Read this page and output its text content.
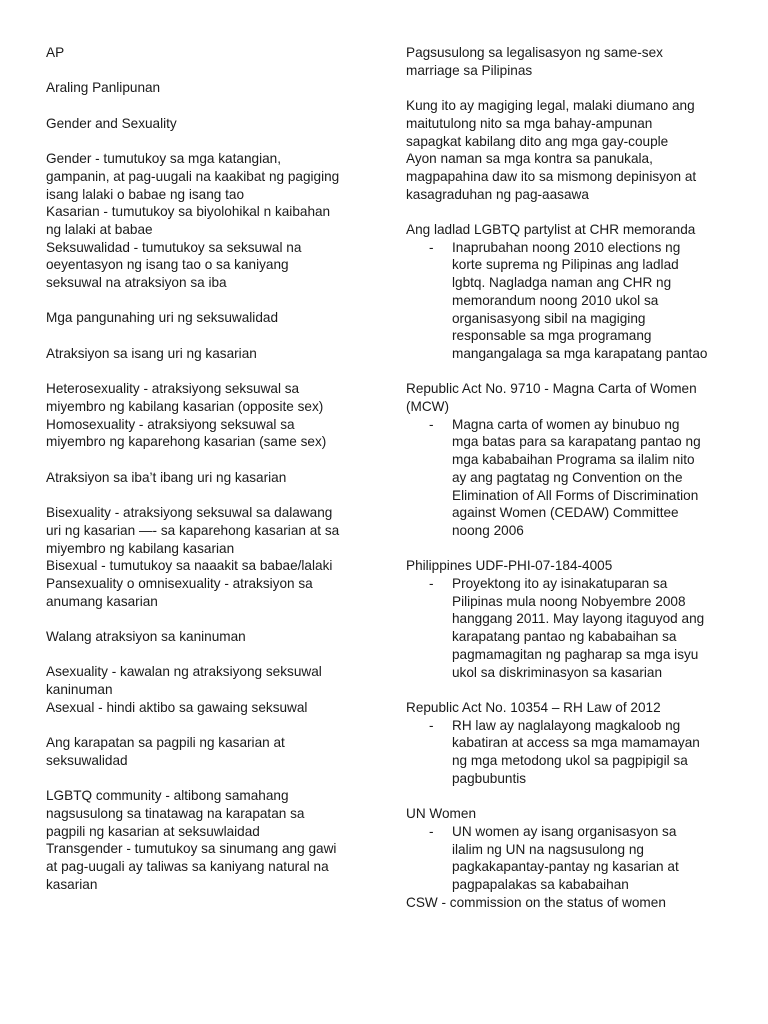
AP
Araling Panlipunan
Gender and Sexuality
Gender - tumutukoy sa mga katangian,
gampanin, at pag-uugali na kaakibat ng pagiging
isang lalaki o babae ng isang tao
Kasarian - tumutukoy sa biyolohikal n kaibahan
ng lalaki at babae
Seksuwalidad - tumutukoy sa seksuwal na
oeyentasyon ng isang tao o sa kaniyang
seksuwal na atraksiyon sa iba
Mga pangunahing uri ng seksuwalidad
Atraksiyon sa isang uri ng kasarian
Heterosexuality - atraksiyong seksuwal sa
miyembro ng kabilang kasarian (opposite sex)
Homosexuality - atraksiyong seksuwal sa
miyembro ng kaparehong kasarian (same sex)
Atraksiyon sa iba’t ibang uri ng kasarian
Bisexuality - atraksiyong seksuwal sa dalawang
uri ng kasarian —- sa kaparehong kasarian at sa
miyembro ng kabilang kasarian
Bisexual - tumutukoy sa naaakit sa babae/lalaki
Pansexuality o omnisexuality - atraksiyon sa
anumang kasarian
Walang atraksiyon sa kaninuman
Asexuality - kawalan ng atraksiyong seksuwal
kaninuman
Asexual - hindi aktibo sa gawaing seksuwal
Ang karapatan sa pagpili ng kasarian at
seksuwalidad
LGBTQ community - altibong samahang
nagsusulong sa tinatawag na karapatan sa
pagpili ng kasarian at seksuwlaidad
Transgender - tumutukoy sa sinumang ang gawi
at pag-uugali ay taliwas sa kaniyang natural na
kasarian
Pagsusulong sa legalisasyon ng same-sex
marriage sa Pilipinas
Kung ito ay magiging legal, malaki diumano ang
maitutulong nito sa mga bahay-ampunan
sapagkat kabilang dito ang mga gay-couple
Ayon naman sa mga kontra sa panukala,
magpapahina daw ito sa mismong depinisyon at
kasagraduhan ng pag-aasawa
Ang ladlad LGBTQ partylist at CHR memoranda
- Inaprubahan noong 2010 elections ng
korte suprema ng Pilipinas ang ladlad
lgbtq. Nagladga naman ang CHR ng
memorandum noong 2010 ukol sa
organisasyong sibil na magiging
responsable sa mga programang
mangangalaga sa mga karapatang pantao
Republic Act No. 9710 - Magna Carta of Women
(MCW)
- Magna carta of women ay binubuo ng
mga batas para sa karapatang pantao ng
mga kababaihan Programa sa ilalim nito
ay ang pagtatag ng Convention on the
Elimination of All Forms of Discrimination
against Women (CEDAW) Committee
noong 2006
Philippines UDF-PHI-07-184-4005
- Proyektong ito ay isinakatuparan sa
Pilipinas mula noong Nobyembre 2008
hanggang 2011. May layong itaguyod ang
karapatang pantao ng kababaihan sa
pagmamagitan ng pagharap sa mga isyu
ukol sa diskriminasyon sa kasarian
Republic Act No. 10354 – RH Law of 2012
- RH law ay naglalayong magkaloob ng
kabatiran at access sa mga mamamayan
ng mga metodong ukol sa pagpipigil sa
pagbubuntis
UN Women
- UN women ay isang organisasyon sa
ilalim ng UN na nagsusulong ng
pagkakapantay-pantay ng kasarian at
pagpapalakas sa kababaihan
CSW - commission on the status of women
